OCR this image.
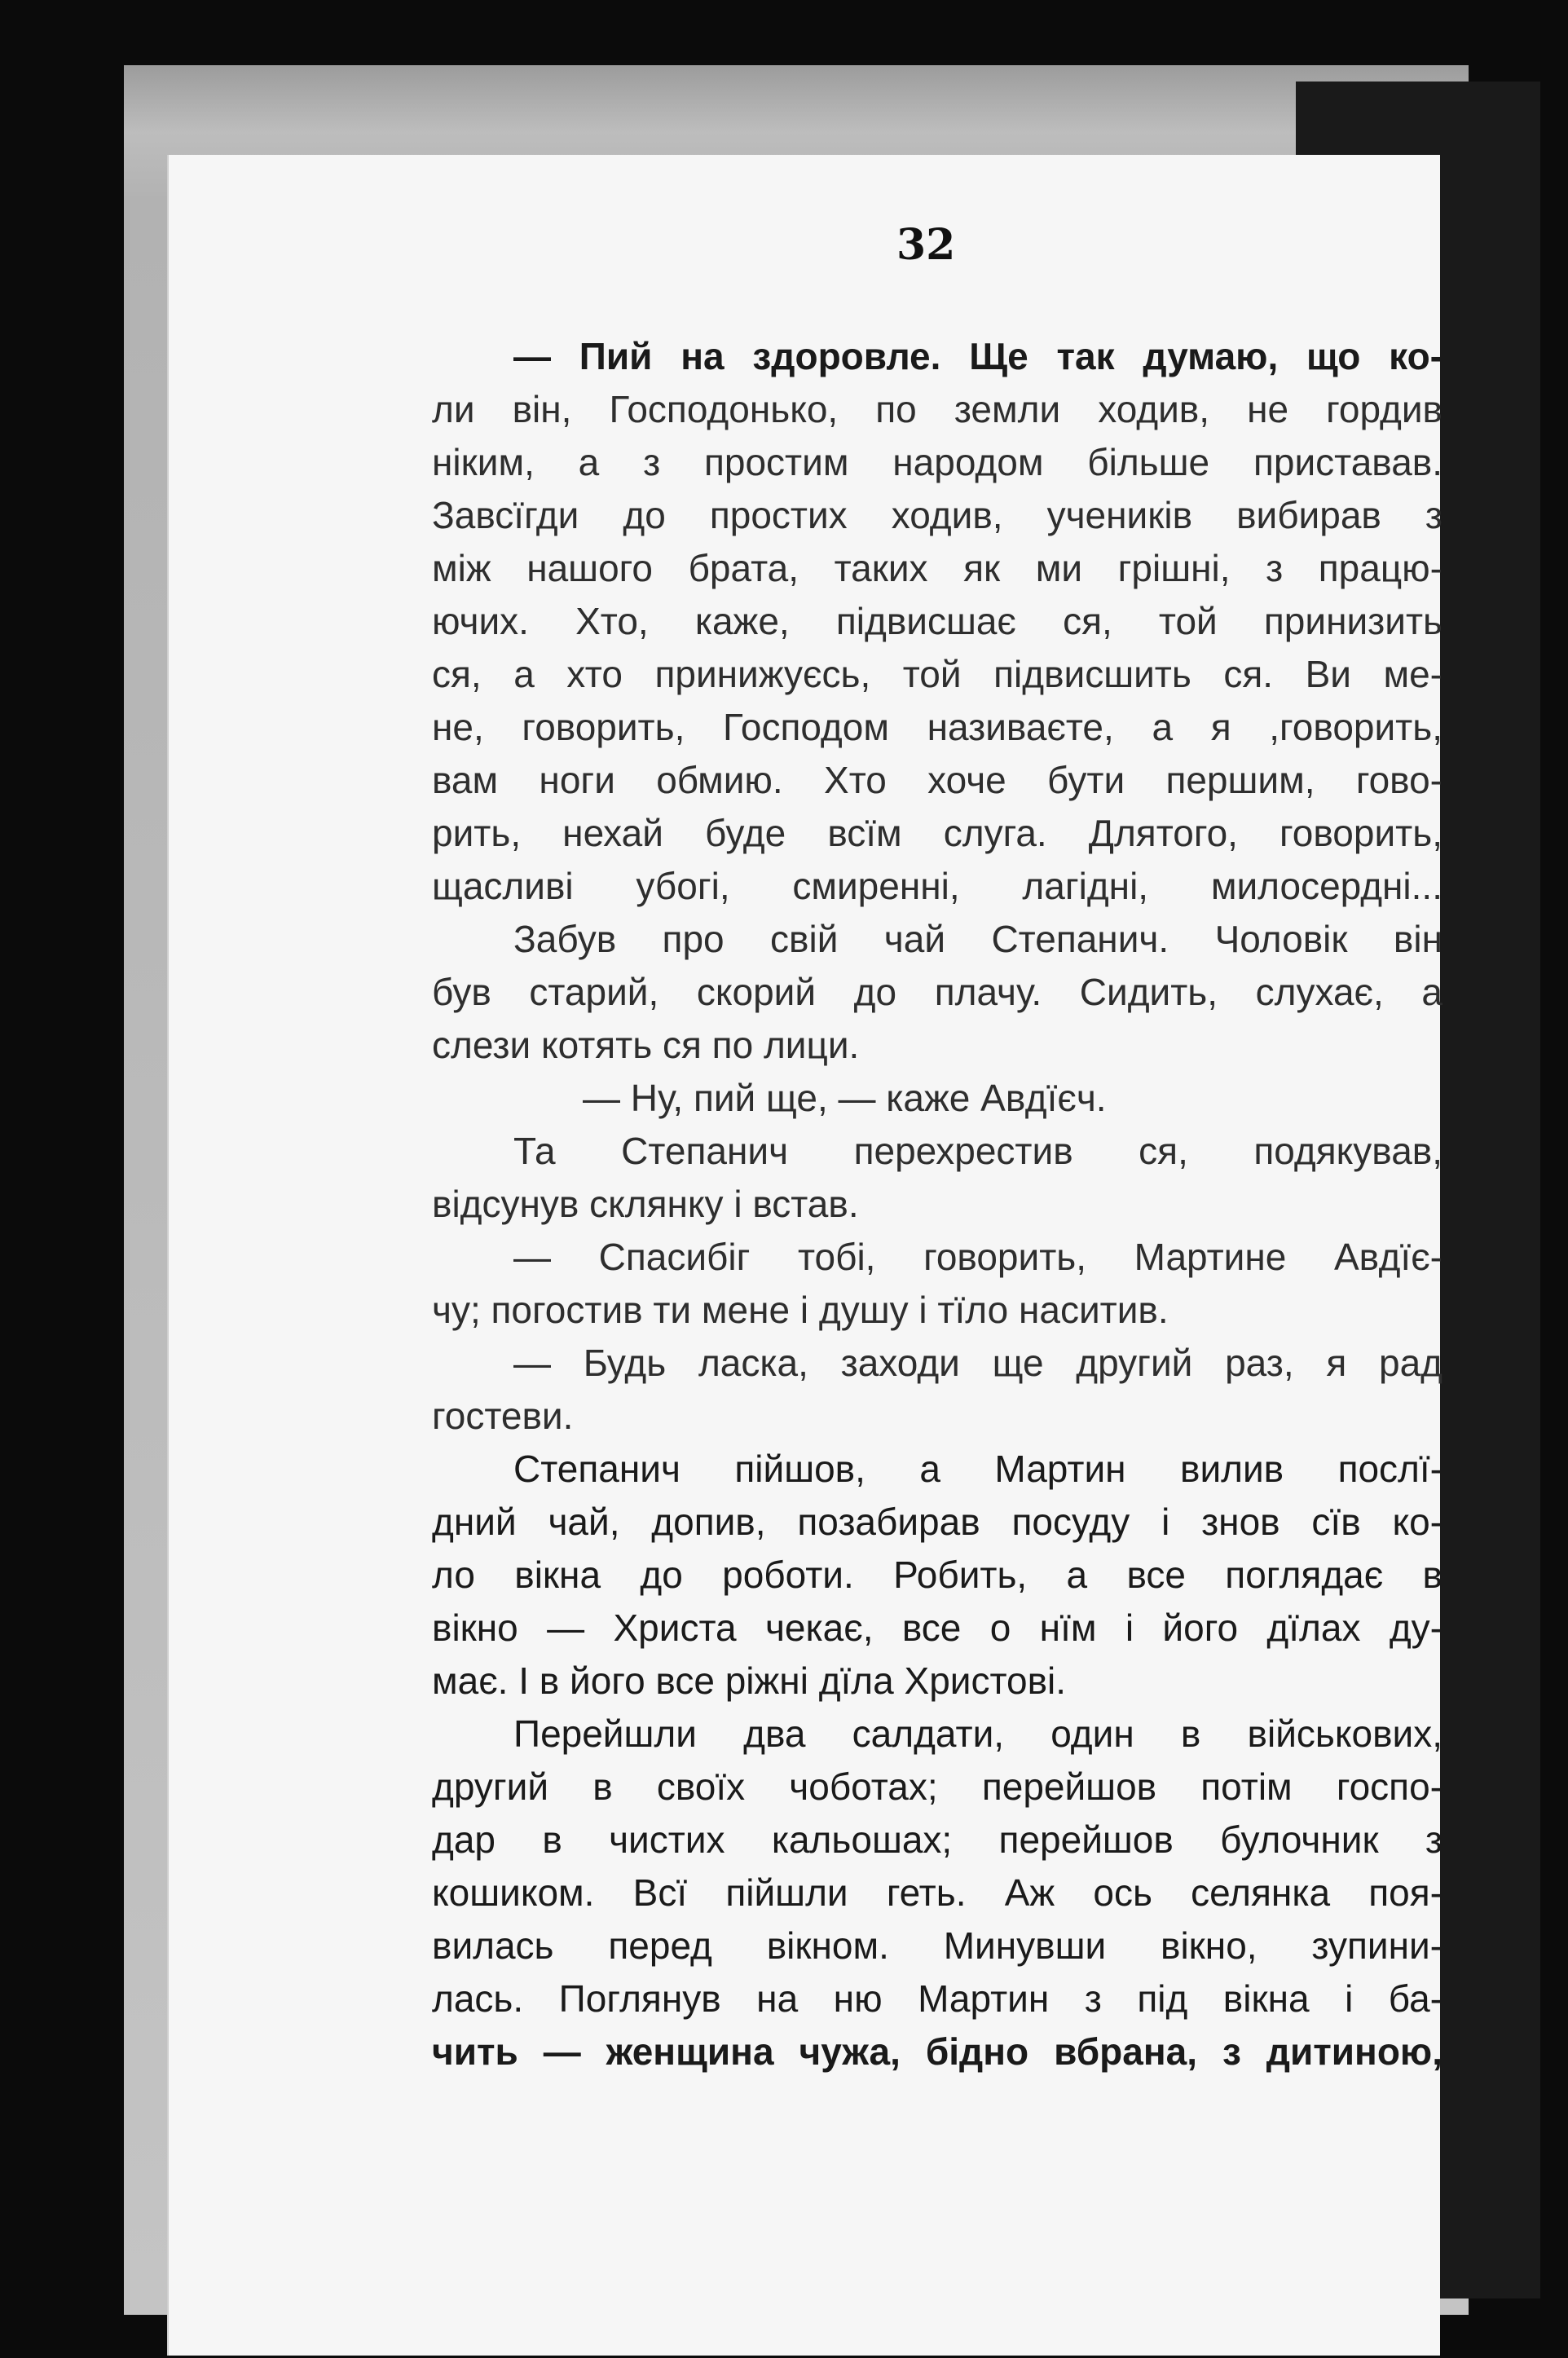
32
— Пий на здоровле. Ще так думаю, що ко-
ли він, Господонько, по земли ходив, не гордив
ніким, а з простим народом більше приставав.
Завсїгди до простих ходив, учеників вибирав з
між нашого брата, таких як ми грішні, з працю-
ючих. Хто, каже, підвисшає ся, той принизить
ся, а хто принижуєсь, той підвисшить ся. Ви ме-
не, говорить, Господом називаєте, а я ,говорить,
вам ноги обмию. Хто хоче бути першим, гово-
рить, нехай буде всїм слуга. Длятого, говорить,
щасливі убогі, смиренні, лагідні, милосердні...
Забув про свій чай Степанич. Чоловік він
був старий, скорий до плачу. Сидить, слухає, а
слези котять ся по лици.
— Ну, пий ще, — каже Авдїєч.
Та Степанич перехрестив ся, подякував,
відсунув склянку і встав.
— Спасибіг тобі, говорить, Мартине Авдїє-
чу; погостив ти мене і душу і тїло наситив.
— Будь ласка, заходи ще другий раз, я рад
гостеви.
Степанич пійшов, а Мартин вилив послї-
дний чай, допив, позабирав посуду і знов сїв ко-
ло вікна до роботи. Робить, а все поглядає в
вікно — Христа чекає, все о нїм і його дїлах ду-
має. І в його все ріжні дїла Христові.
Перейшли два салдати, один в військових,
другий в своїх чоботах; перейшов потім госпо-
дар в чистих кальошах; перейшов булочник з
кошиком. Всї пійшли геть. Аж ось селянка поя-
вилась перед вікном. Минувши вікно, зупини-
лась. Поглянув на ню Мартин з під вікна і ба-
чить — женщина чужа, бідно вбрана, з дитиною,
